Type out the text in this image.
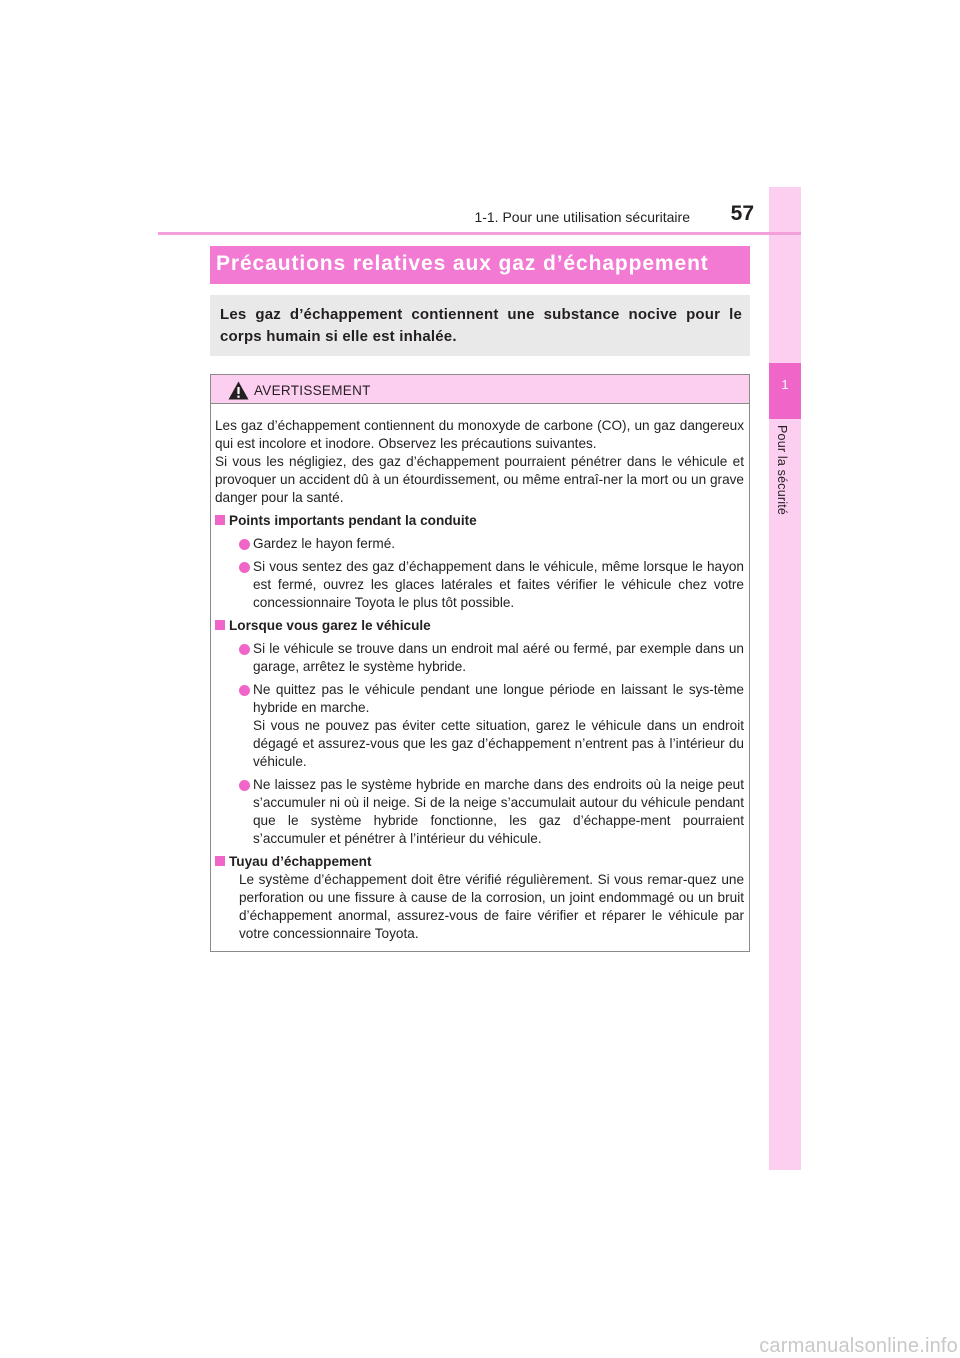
1
Pour la sécurité
1-1. Pour une utilisation sécuritaire	57
Précautions relatives aux gaz d’échappement
Les gaz d’échappement contiennent une substance nocive pour le corps humain si elle est inhalée.
AVERTISSEMENT

Les gaz d’échappement contiennent du monoxyde de carbone (CO), un gaz dangereux qui est incolore et inodore. Observez les précautions suivantes.

Si vous les négligiez, des gaz d’échappement pourraient pénétrer dans le véhicule et provoquer un accident dû à un étourdissement, ou même entraî-ner la mort ou un grave danger pour la santé.

Points importants pendant la conduite
Gardez le hayon fermé.
Si vous sentez des gaz d’échappement dans le véhicule, même lorsque le hayon est fermé, ouvrez les glaces latérales et faites vérifier le véhicule chez votre concessionnaire Toyota le plus tôt possible.
Lorsque vous garez le véhicule
Si le véhicule se trouve dans un endroit mal aéré ou fermé, par exemple dans un garage, arrêtez le système hybride.
Ne quittez pas le véhicule pendant une longue période en laissant le sys-tème hybride en marche.
Si vous ne pouvez pas éviter cette situation, garez le véhicule dans un endroit dégagé et assurez-vous que les gaz d’échappement n’entrent pas à l’intérieur du véhicule.
Ne laissez pas le système hybride en marche dans des endroits où la neige peut s’accumuler ni où il neige. Si de la neige s’accumulait autour du véhicule pendant que le système hybride fonctionne, les gaz d’échappe-ment pourraient s’accumuler et pénétrer à l’intérieur du véhicule.
Tuyau d’échappement
Le système d’échappement doit être vérifié régulièrement. Si vous remar-quez une perforation ou une fissure à cause de la corrosion, un joint endommagé ou un bruit d’échappement anormal, assurez-vous de faire vérifier et réparer le véhicule par votre concessionnaire Toyota.
carmanualsonline.info
